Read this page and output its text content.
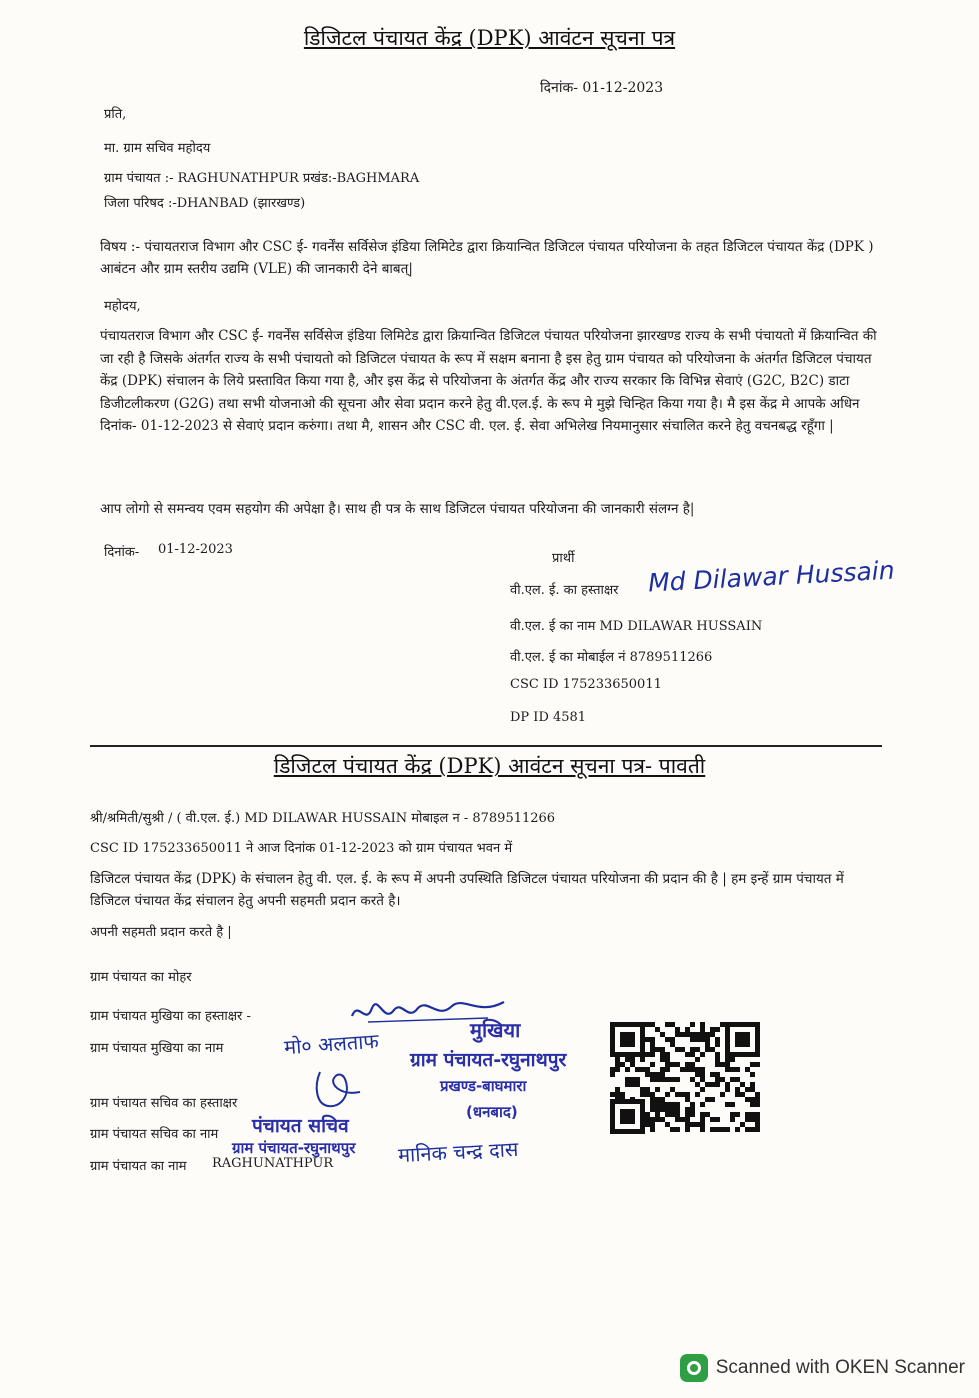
डिजिटल पंचायत केंद्र (DPK) आवंटन सूचना पत्र
दिनांक- 01-12-2023
प्रति,
मा. ग्राम सचिव महोदय
ग्राम पंचायत :- RAGHUNATHPUR प्रखंड:-BAGHMARA
जिला परिषद :-DHANBAD (झारखण्ड)
विषय :- पंचायतराज विभाग और CSC ई- गवर्नेंस सर्विसेज इंडिया लिमिटेड द्वारा क्रियान्वित डिजिटल पंचायत परियोजना के तहत डिजिटल पंचायत केंद्र (DPK ) आबंटन और ग्राम स्तरीय उद्यमि (VLE) की जानकारी देने बाबत्|
महोदय,
पंचायतराज विभाग और CSC ई- गवर्नेंस सर्विसेज इंडिया लिमिटेड द्वारा क्रियान्वित डिजिटल पंचायत परियोजना झारखण्ड राज्य के सभी पंचायतो में क्रियान्वित की जा रही है जिसके अंतर्गत राज्य के सभी पंचायतो को डिजिटल पंचायत के रूप में सक्षम बनाना है इस हेतु ग्राम पंचायत को परियोजना के अंतर्गत डिजिटल पंचायत केंद्र (DPK) संचालन के लिये प्रस्तावित किया गया है, और इस केंद्र से परियोजना के अंतर्गत केंद्र और राज्य सरकार कि विभिन्न सेवाएं (G2C, B2C) डाटा डिजीटलीकरण (G2G) तथा सभी योजनाओ की सूचना और सेवा प्रदान करने हेतु वी.एल.ई. के रूप मे मुझे चिन्हित किया गया है। मै इस केंद्र मे आपके अधिन दिनांक- 01-12-2023 से सेवाएं प्रदान करुंगा। तथा मै, शासन और CSC वी. एल. ई. सेवा अभिलेख नियमानुसार संचालित करने हेतु वचनबद्ध रहूँगा |
आप लोगो से समन्वय एवम सहयोग की अपेक्षा है। साथ ही पत्र के साथ डिजिटल पंचायत परियोजना की जानकारी संलग्न है|
दिनांक- 01-12-2023
प्रार्थी
वी.एल. ई. का हस्ताक्षर Md Dilawar Hussain
वी.एल. ई का नाम MD DILAWAR HUSSAIN
वी.एल. ई का मोबाईल नं 8789511266
CSC ID 175233650011
DP ID 4581
डिजिटल पंचायत केंद्र (DPK) आवंटन सूचना पत्र- पावती
श्री/श्रमिती/सुश्री / ( वी.एल. ई.) MD DILAWAR HUSSAIN मोबाइल न - 8789511266
CSC ID 175233650011 ने आज दिनांक 01-12-2023 को ग्राम पंचायत भवन में
डिजिटल पंचायत केंद्र (DPK) के संचालन हेतु वी. एल. ई. के रूप में अपनी उपस्थिति डिजिटल पंचायत परियोजना की प्रदान की है | हम इन्हें ग्राम पंचायत में डिजिटल पंचायत केंद्र संचालन हेतु अपनी सहमती प्रदान करते है।
अपनी सहमती प्रदान करते है |
ग्राम पंचायत का मोहर
ग्राम पंचायत मुखिया का हस्ताक्षर -
ग्राम पंचायत मुखिया का नाम
ग्राम पंचायत सचिव का हस्ताक्षर
ग्राम पंचायत सचिव का नाम
ग्राम पंचायत का नाम RAGHUNATHPUR
मो० अलताफ	मुखिया
ग्राम पंचायत-रघुनाथपुर
प्रखण्ड-बाघमारा
(धनबाद)
पंचायत सचिव
ग्राम पंचायत-रघुनाथपुर मानिक चन्द्र दास
Scanned with OKEN Scanner
